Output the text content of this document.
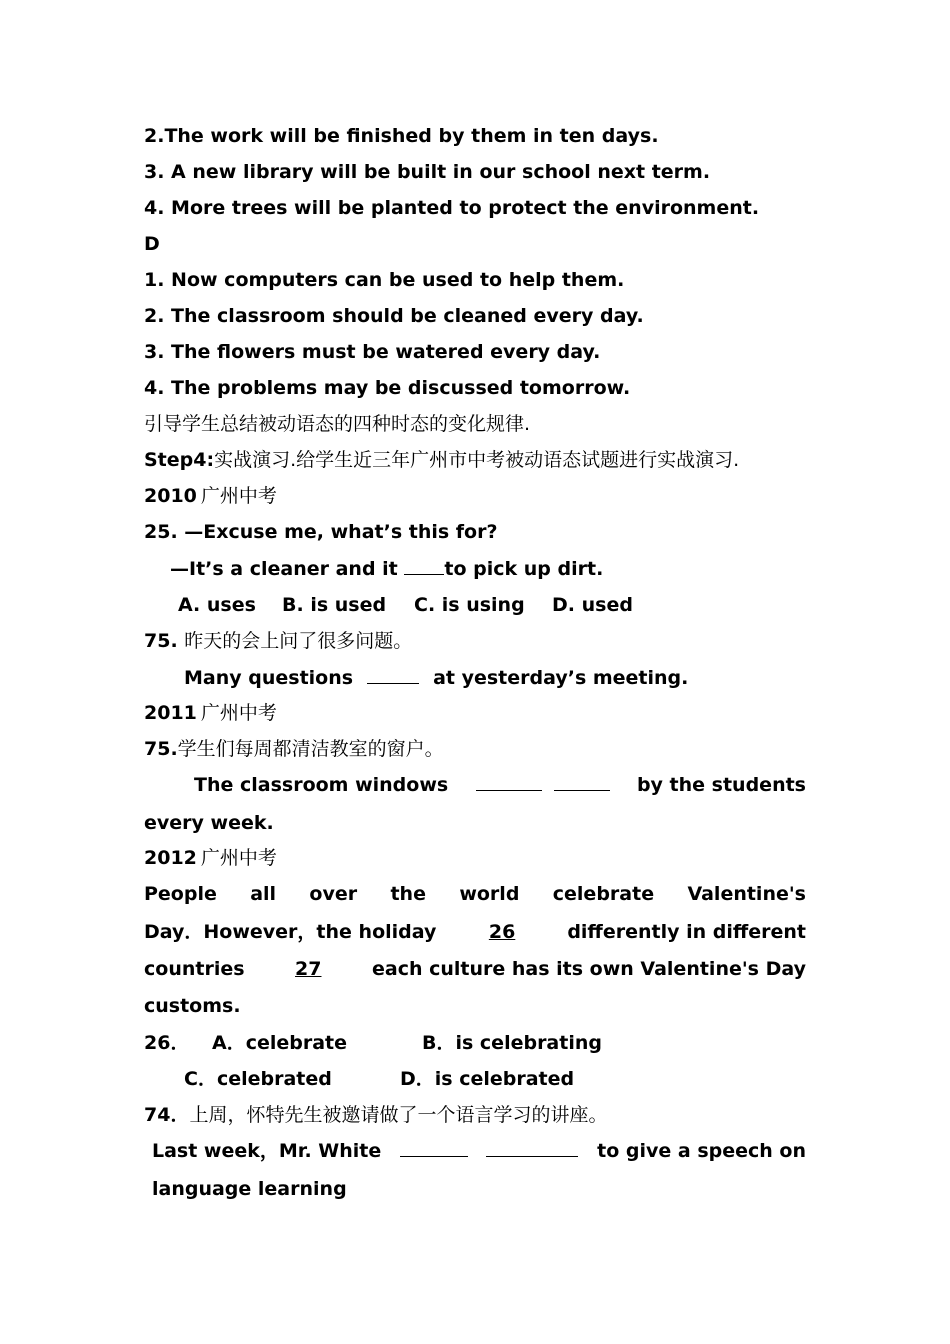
2.The work will be finished by them in ten days.
3. A new library will be built in our school next term.
4. More trees will be planted to protect the environment.
D
1. Now computers can be used to help them.
2. The classroom should be cleaned every day.
3. The flowers must be watered every day.
4. The problems may be discussed tomorrow.
引导学生总结被动语态的四种时态的变化规律.
Step4:实战演习.给学生近三年广州市中考被动语态试题进行实战演习.
2010 广州中考
25. —Excuse me, what’s this for?
—It’s a cleaner and it to pick up dirt.
A. uses B. is used C. is using D. used
75. 昨天的会上问了很多问题。
Many questions	at yesterday’s meeting.
2011 广州中考
75.学生们每周都清洁教室的窗户。
The classroom windows	by the students
every week.
2012 广州中考
People all over the world celebrate Valentine's
Day．However，the holiday	26	differently in different
countries	27	each culture has its own Valentine's Day
customs.
26． A．celebrate	B．is celebrating
C．celebrated	D．is celebrated
74．上周，怀特先生被邀请做了一个语言学习的讲座。
Last week，Mr. White	to give a speech on
language learning
